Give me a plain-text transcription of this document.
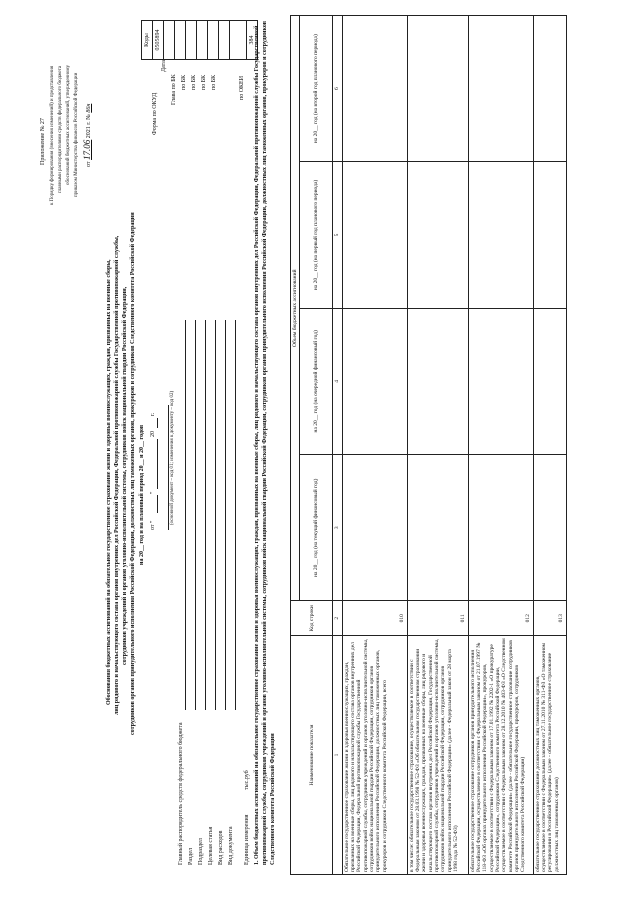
Приложение № 27 к Порядку формирования (внесения изменений) и представления главными распорядителями средств федерального бюджета обоснований бюджетных ассигнований, утвержденному приказом Министерства финансов Российской Федерации	от 17.06 2021 г. № 86н
Обоснования бюджетных ассигнований на обязательное государственное страхование жизни и здоровья военнослужащих, граждан, призванных на военные сборы, лиц рядового и начальствующего состава органов внутренних дел Российской Федерации, Федеральной противопожарной службы Государственной противопожарной службы, сотрудников учреждений и органов уголовно-исполнительной системы, сотрудников войск национальной гвардии Российской Федерации, сотрудников органов принудительного исполнения Российской Федерации, должностных лиц таможенных органов, прокуроров и сотрудников Следственного комитета Российской Федерации на 20__ год и на плановый период 20__ и 20__ годов от "
"
20
г.	(основной документ – код 01; изменения к документу – код 02)
Форма по ОКУД
Дата
Глава по БК по БК по БК по БК по БК	по ОКЕИ
Коды
0505894

384
Главный распорядитель средств федерального бюджета Раздел Подраздел Целевая статья Вид расходов Вид документа Единица измерения
тыс.руб 1. Объем бюджетных ассигнований на обязательное государственное страхование жизни и здоровья военнослужащих, граждан, призванных на военные сборы, лиц рядового и начальствующего состава органов внутренних дел Российской Федерации, Федеральной противопожарной службы Государственной противопожарной службы, сотрудников учреждений и органов уголовно-исполнительной системы, сотрудников войск национальной гвардии Российской Федерации, сотрудников органов принудительного исполнения Российской Федерации, должностных лиц таможенных органов, прокуроров и сотрудников Следственного комитета Российской Федерации	Наименование показателя	Код строки	Объем бюджетных ассигнований			
		на 20__ год (на текущий финансовый год)	на 20__ год (на очередной финансовый год)	на 20__ год (на первый год планового периода)	на 20__ год (на второй год планового периода)

1	2	3	4	5	6
Обязательное государственное страхование жизни и здоровья военнослужащих, граждан, призванных на военные сборы, лиц рядового и начальствующего состава органов внутренних дел Российской Федерации, Федеральной противопожарной службы Государственной противопожарной службы, сотрудников учреждений и органов уголовно-исполнительной системы, сотрудников войск национальной гвардии Российской Федерации, сотрудников органов принудительного исполнения Российской Федерации, должностных лиц таможенных органов, прокуроров и сотрудников Следственного комитета Российской Федерации, всего	010				
в том числе: обязательное государственное страхование, осуществляемое в соответствии с Федеральным законом от 28.03.1998 № 52-ФЗ «Об обязательном государственном страховании жизни и здоровья военнослужащих, граждан, призванных на военные сборы, лиц рядового и начальствующего состава органов внутренних дел Российской Федерации, Государственной противопожарной службы, сотрудников учреждений и органов уголовно-исполнительной системы, сотрудников войск национальной гвардии Российской Федерации, сотрудников органов принудительного исполнения Российской Федерации» (далее - Федеральный закон от 28 марта 1998 года № 52-ФЗ)	011				
обязательное государственное страхование сотрудников органов принудительного исполнения Российской Федерации, осуществляемое в соответствии с Федеральным законом от 21.07.1997 № 118-ФЗ «Об органах принудительного исполнения Российской Федерации», прокуроров, осуществляемое в соответствии с Федеральным законом от 17.01.1992 № 2202-1 «О прокуратуре Российской Федерации», сотрудников Следственного комитета Российской Федерации, осуществляемое в соответствии с Федеральным законом от 28.12.2010 № 403-ФЗ «О Следственном комитете Российской Федерации» (далее - обязательное государственное страхование сотрудников органов принудительного исполнения Российской Федерации, прокуроров, сотрудников Следственного комитета Российской Федерации)	012				
обязательное государственное страхование должностных лиц таможенных органов, осуществляемое в соответствии с Федеральным законом от 27.11.2010 № 311-ФЗ «О таможенном регулировании в Российской Федерации» (далее - обязательное государственное страхование должностных лиц таможенных органов)	013				
